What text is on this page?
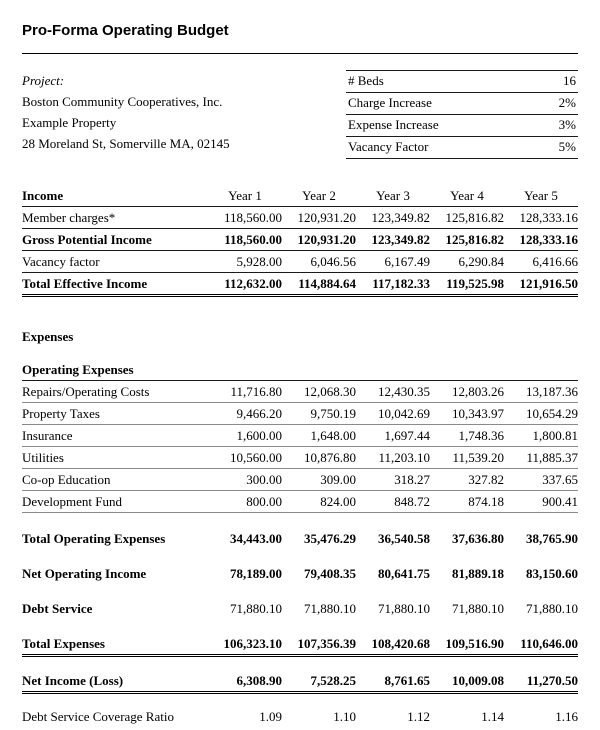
Pro-Forma Operating Budget
Project:
Boston Community Cooperatives, Inc.
Example Property
28 Moreland St, Somerville MA, 02145
# Beds	16
Charge Increase	2%
Expense Increase	3%
Vacancy Factor	5%
Income	Year 1	Year 2	Year 3	Year 4	Year 5
Member charges*	118,560.00	120,931.20	123,349.82	125,816.82	128,333.16
Gross Potential Income	118,560.00	120,931.20	123,349.82	125,816.82	128,333.16
Vacancy factor	5,928.00	6,046.56	6,167.49	6,290.84	6,416.66
Total Effective Income	112,632.00	114,884.64	117,182.33	119,525.98	121,916.50

Expenses					

Operating Expenses					
Repairs/Operating Costs	11,716.80	12,068.30	12,430.35	12,803.26	13,187.36
Property Taxes	9,466.20	9,750.19	10,042.69	10,343.97	10,654.29
Insurance	1,600.00	1,648.00	1,697.44	1,748.36	1,800.81
Utilities	10,560.00	10,876.80	11,203.10	11,539.20	11,885.37
Co-op Education	300.00	309.00	318.27	327.82	337.65
Development Fund	800.00	824.00	848.72	874.18	900.41

Total Operating Expenses	34,443.00	35,476.29	36,540.58	37,636.80	38,765.90

Net Operating Income	78,189.00	79,408.35	80,641.75	81,889.18	83,150.60

Debt Service	71,880.10	71,880.10	71,880.10	71,880.10	71,880.10

Total Expenses	106,323.10	107,356.39	108,420.68	109,516.90	110,646.00

Net Income (Loss)	6,308.90	7,528.25	8,761.65	10,009.08	11,270.50

Debt Service Coverage Ratio	1.09	1.10	1.12	1.14	1.16
